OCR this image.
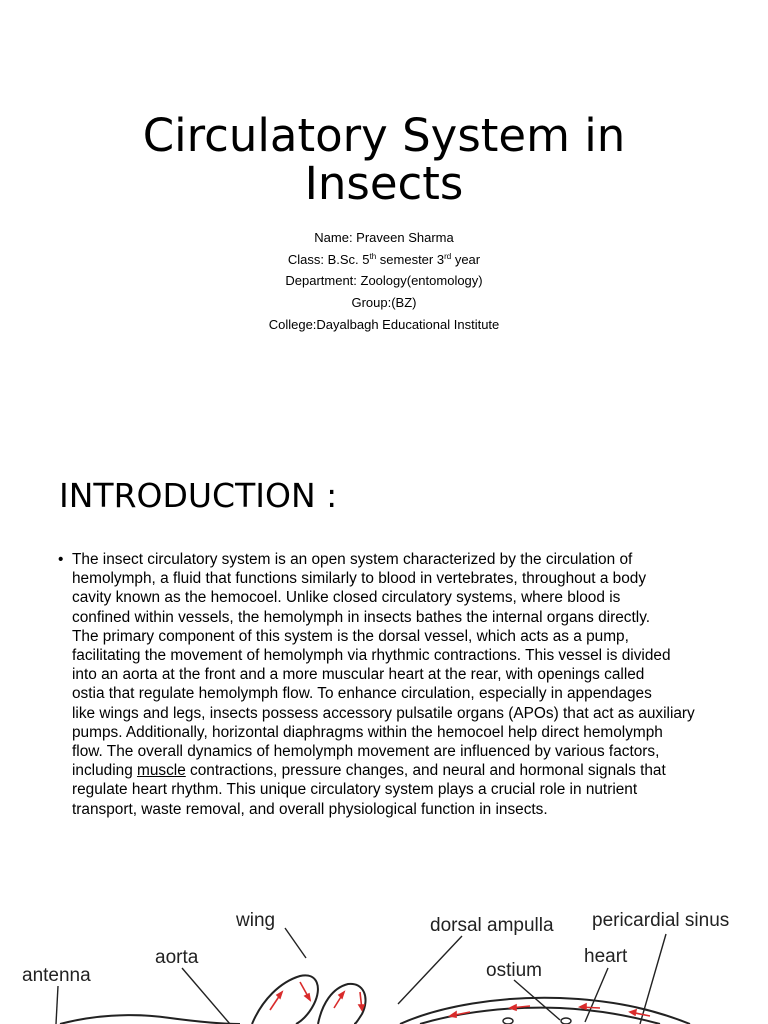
Circulatory System in
Insects
Name: Praveen Sharma
Class: B.Sc. 5th semester 3rd year
Department: Zoology(entomology)
Group:(BZ)
College:Dayalbagh Educational Institute
INTRODUCTION :
• The insect circulatory system is an open system characterized by the circulation of
hemolymph, a fluid that functions similarly to blood in vertebrates, throughout a body
cavity known as the hemocoel. Unlike closed circulatory systems, where blood is
confined within vessels, the hemolymph in insects bathes the internal organs directly.
The primary component of this system is the dorsal vessel, which acts as a pump,
facilitating the movement of hemolymph via rhythmic contractions. This vessel is divided
into an aorta at the front and a more muscular heart at the rear, with openings called
ostia that regulate hemolymph flow. To enhance circulation, especially in appendages
like wings and legs, insects possess accessory pulsatile organs (APOs) that act as auxiliary
pumps. Additionally, horizontal diaphragms within the hemocoel help direct hemolymph
flow. The overall dynamics of hemolymph movement are influenced by various factors,
including muscle contractions, pressure changes, and neural and hormonal signals that
regulate heart rhythm. This unique circulatory system plays a crucial role in nutrient
transport, waste removal, and overall physiological function in insects.
wing	dorsal ampulla pericardial sinus
aorta	heart
antenna	ostium
